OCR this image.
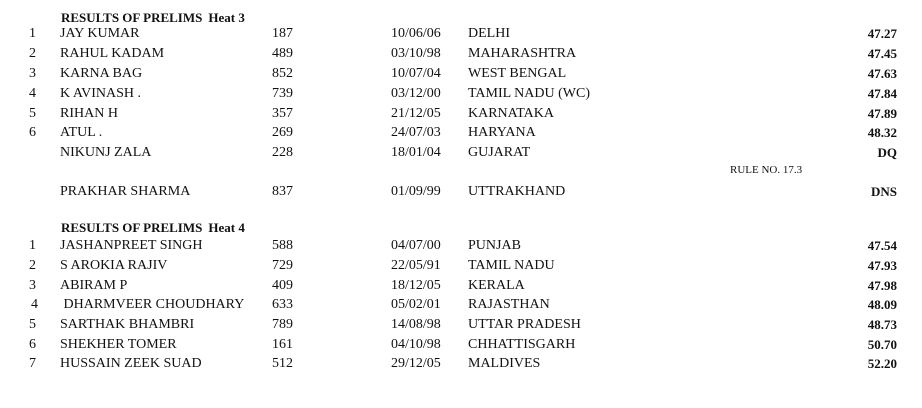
RESULTS OF PRELIMS Heat 3
1 JAY KUMAR	187	10/06/06 DELHI	47.27
2 RAHUL KADAM	489	03/10/98 MAHARASHTRA	47.45
3 KARNA BAG	852	10/07/04 WEST BENGAL	47.63
4 K AVINASH .	739	03/12/00 TAMIL NADU (WC)	47.84
5 RIHAN H	357	21/12/05 KARNATAKA	47.89
6 ATUL .	269	24/07/03 HARYANA	48.32
NIKUNJ ZALA	228	18/01/04 GUJARAT	DQ
RULE NO. 17.3
PRAKHAR SHARMA	837	01/09/99 UTTRAKHAND	DNS
RESULTS OF PRELIMS Heat 4
1 JASHANPREET SINGH	588	04/07/00 PUNJAB	47.54
2 S AROKIA RAJIV	729	22/05/91 TAMIL NADU	47.93
3 ABIRAM P	409	18/12/05 KERALA	47.98
4 DHARMVEER CHOUDHARY 633	05/02/01 RAJASTHAN	48.09
5 SARTHAK BHAMBRI	789	14/08/98 UTTAR PRADESH	48.73
6 SHEKHER TOMER	161	04/10/98 CHHATTISGARH	50.70
7 HUSSAIN ZEEK SUAD	512	29/12/05 MALDIVES	52.20
